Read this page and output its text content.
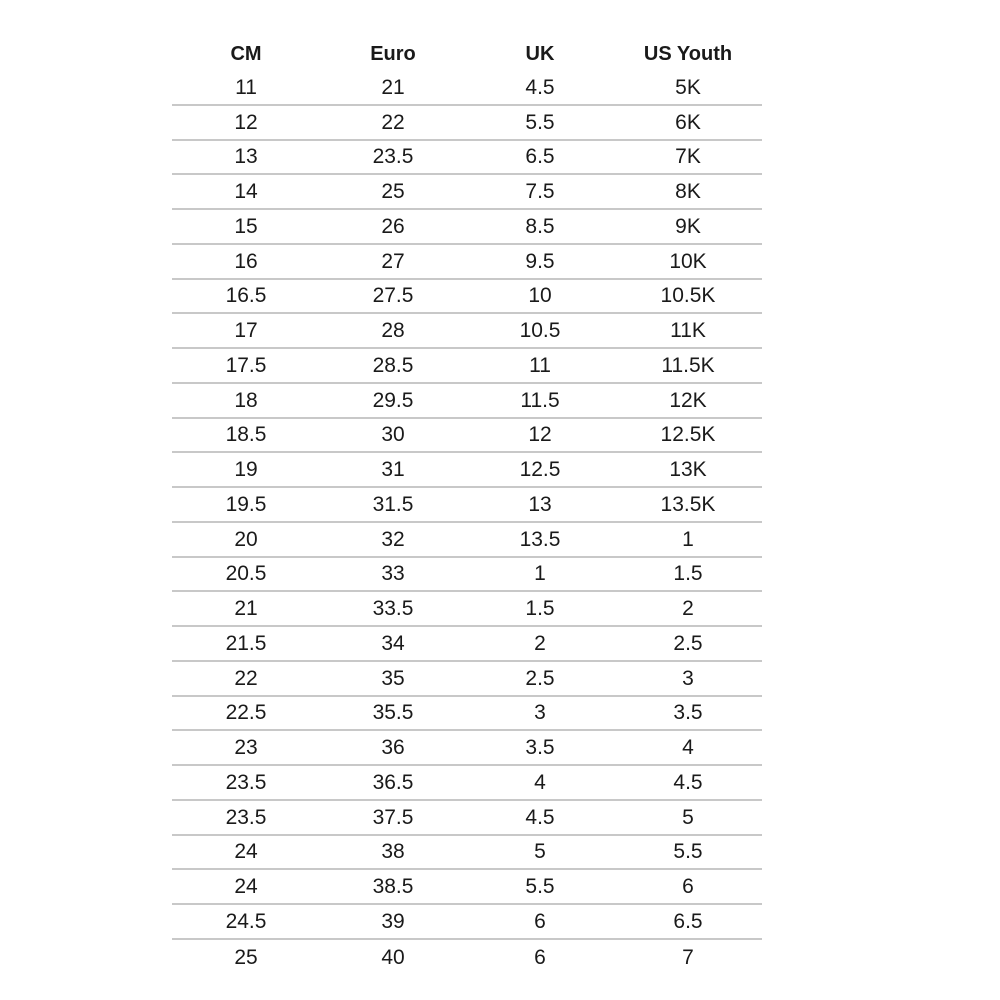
CM	Euro	UK	US Youth
11	21	4.5	5K
12	22	5.5	6K
13	23.5	6.5	7K
14	25	7.5	8K
15	26	8.5	9K
16	27	9.5	10K
16.5	27.5	10	10.5K
17	28	10.5	11K
17.5	28.5	11	11.5K
18	29.5	11.5	12K
18.5	30	12	12.5K
19	31	12.5	13K
19.5	31.5	13	13.5K
20	32	13.5	1
20.5	33	1	1.5
21	33.5	1.5	2
21.5	34	2	2.5
22	35	2.5	3
22.5	35.5	3	3.5
23	36	3.5	4
23.5	36.5	4	4.5
23.5	37.5	4.5	5
24	38	5	5.5
24	38.5	5.5	6
24.5	39	6	6.5
25	40	6	7
